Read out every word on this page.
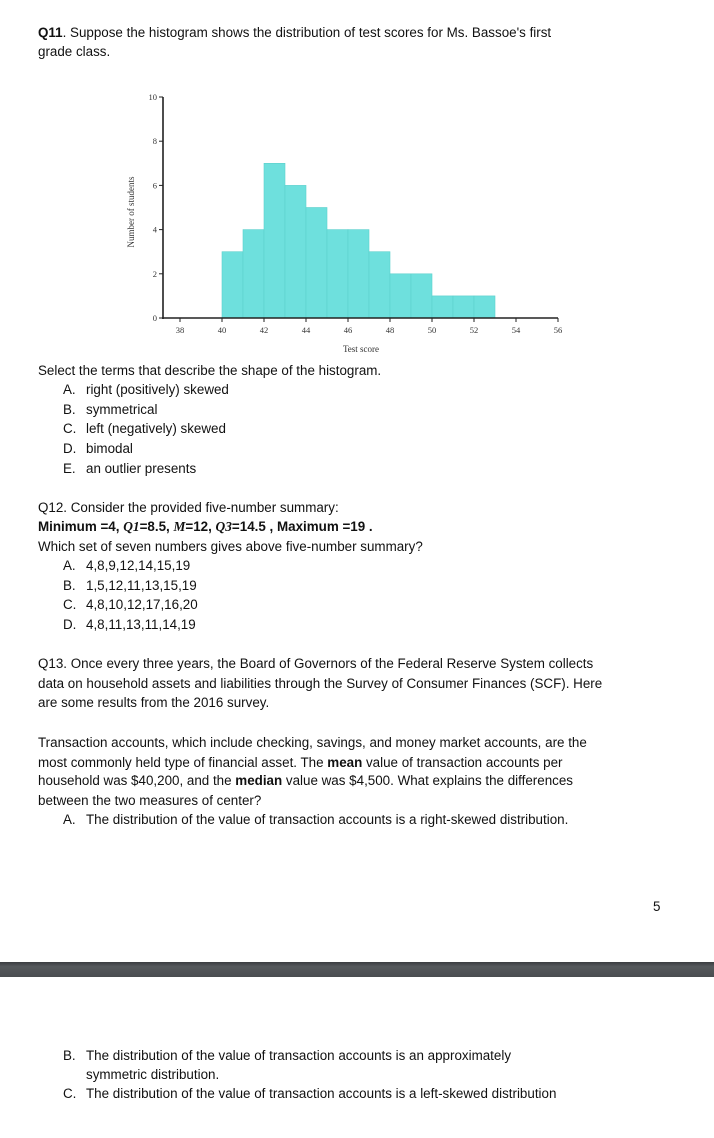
Q11. Suppose the histogram shows the distribution of test scores for Ms. Bassoe's first
grade class.
38	40	42	44	46	48	50	52	54	56
0
2
4
6
8
10
Test score
Number of students
Select the terms that describe the shape of the histogram.
A. right (positively) skewed
B. symmetrical
C. left (negatively) skewed
D. bimodal
E. an outlier presents
Q12. Consider the provided five-number summary:
Minimum =4, Q1=8.5, M=12, Q3=14.5 , Maximum =19 .
Which set of seven numbers gives above five-number summary?
A. 4,8,9,12,14,15,19
B. 1,5,12,11,13,15,19
C. 4,8,10,12,17,16,20
D. 4,8,11,13,11,14,19
Q13. Once every three years, the Board of Governors of the Federal Reserve System collects
data on household assets and liabilities through the Survey of Consumer Finances (SCF). Here
are some results from the 2016 survey.
Transaction accounts, which include checking, savings, and money market accounts, are the
most commonly held type of financial asset. The mean value of transaction accounts per
household was $40,200, and the median value was $4,500. What explains the differences
between the two measures of center?
A. The distribution of the value of transaction accounts is a right-skewed distribution.
5
B. The distribution of the value of transaction accounts is an approximately
symmetric distribution.
C. The distribution of the value of transaction accounts is a left-skewed distribution
